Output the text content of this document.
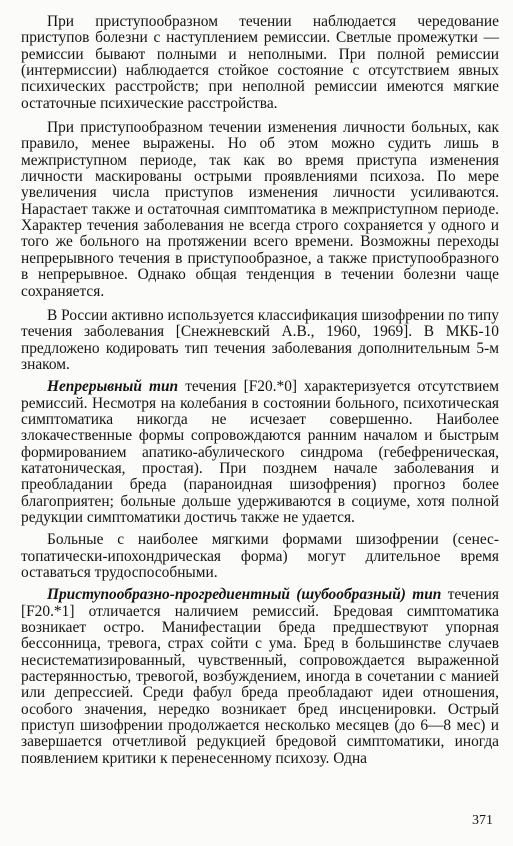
При приступообразном течении наблюдается чередование приступов болезни с наступлением ремиссии. Светлые промежутки — ремиссии бывают полными и неполными. При полной ремиссии (интермиссии) наблюдается стойкое состояние с отсутствием явных психических расстройств; при неполной ремиссии имеются мягкие остаточные психические расстройства.

При приступообразном течении изменения личности больных, как правило, менее выражены. Но об этом можно судить лишь в межприступном периоде, так как во время приступа изменения личности маскированы острыми проявлениями психоза. По мере увеличения числа приступов изменения личности усиливаются. Нарастает также и остаточная симптоматика в межприступном периоде. Характер течения заболевания не всегда строго сохраняется у одного и того же больного на протяжении всего времени. Возможны переходы непрерывного течения в приступообразное, а также приступообразного в непрерывное. Однако общая тенденция в течении болезни чаще сохраняется.

В России активно используется классификация шизофрении по типу течения заболевания [Снежневский А.В., 1960, 1969]. В МКБ-10 предложено кодировать тип течения заболевания дополнительным 5-м знаком.

Непрерывный тип течения [F20.*0] характеризуется отсутствием ремиссий. Несмотря на колебания в состоянии больного, психотическая симптоматика никогда не исчезает совершенно. Наиболее злокачественные формы сопровождаются ранним началом и быстрым формированием апатико-абулического синдрома (гебефреническая, кататоническая, простая). При позднем начале заболевания и преобладании бреда (параноидная шизофрения) прогноз более благоприятен; больные дольше удерживаются в социуме, хотя полной редукции симптоматики достичь также не удается.

Больные с наиболее мягкими формами шизофрении (сенестопатически-ипохондрическая форма) могут длительное время оставаться трудоспособными.

Приступообразно-прогредиентный (шубообразный) тип течения [F20.*1] отличается наличием ремиссий. Бредовая симптоматика возникает остро. Манифестации бреда предшествуют упорная бессонница, тревога, страх сойти с ума. Бред в большинстве случаев несистематизированный, чувственный, сопровождается выраженной растерянностью, тревогой, возбуждением, иногда в сочетании с манией или депрессией. Среди фабул бреда преобладают идеи отношения, особого значения, нередко возникает бред инсценировки. Острый приступ шизофрении продолжается несколько месяцев (до 6—8 мес) и завершается отчетливой редукцией бредовой симптоматики, иногда появлением критики к перенесенному психозу. Одна

371
